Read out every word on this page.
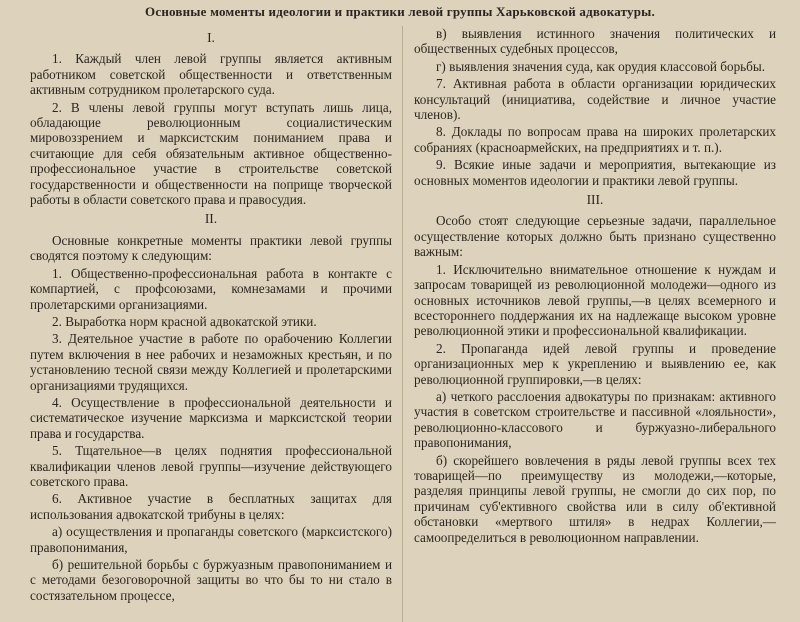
Основные моменты идеологии и практики левой группы Харьковской адвокатуры.
I.

1. Каждый член левой группы является активным работником советской общественности и ответственным активным сотрудником пролетарского суда.

2. В члены левой группы могут вступать лишь лица, обладающие революционным социалистическим мировоззрением и марксистским пониманием права и считающие для себя обязательным активное общественно-профессиональное участие в строительстве советской государственности и общественности на поприще творческой работы в области советского права и правосудия.

II.

Основные конкретные моменты практики левой группы сводятся поэтому к следующим:

1. Общественно-профессиональная работа в контакте с компартией, с профсоюзами, комнезамами и прочими пролетарскими организациями.

2. Выработка норм красной адвокатской этики.

3. Деятельное участие в работе по орабочению Коллегии путем включения в нее рабочих и незаможных крестьян, и по установлению тесной связи между Коллегией и пролетарскими организациями трудящихся.

4. Осуществление в профессиональной деятельности и систематическое изучение марксизма и марксистской теории права и государства.

5. Тщательное—в целях поднятия профессиональной квалификации членов левой группы—изучение действующего советского права.

6. Активное участие в бесплатных защитах для использования адвокатской трибуны в целях:

а) осуществления и пропаганды советского (марксистского) правопонимания,

б) решительной борьбы с буржуазным правопониманием и с методами безоговорочной защиты во что бы то ни стало в состязательном процессе,

в) выявления истинного значения политических и общественных судебных процессов,

г) выявления значения суда, как орудия классовой борьбы.

7. Активная работа в области организации юридических консультаций (инициатива, содействие и личное участие членов).

8. Доклады по вопросам права на широких пролетарских собраниях (красноармейских, на предприятиях и т. п.).

9. Всякие иные задачи и мероприятия, вытекающие из основных моментов идеологии и практики левой группы.

III.

Особо стоят следующие серьезные задачи, параллельное осуществление которых должно быть признано существенно важным:

1. Исключительно внимательное отношение к нуждам и запросам товарищей из революционной молодежи—одного из основных источников левой группы,—в целях всемерного и всестороннего поддержания их на надлежаще высоком уровне революционной этики и профессиональной квалификации.

2. Пропаганда идей левой группы и проведение организационных мер к укреплению и выявлению ее, как революционной группировки,—в целях:

а) четкого расслоения адвокатуры по признакам: активного участия в советском строительстве и пассивной «лояльности», революционно-классового и буржуазно-либерального правопонимания,

б) скорейшего вовлечения в ряды левой группы всех тех товарищей—по преимуществу из молодежи,—которые, разделяя принципы левой группы, не смогли до сих пор, по причинам суб'ективного свойства или в силу об'ективной обстановки «мертвого штиля» в недрах Коллегии,—самоопределиться в революционном направлении.
